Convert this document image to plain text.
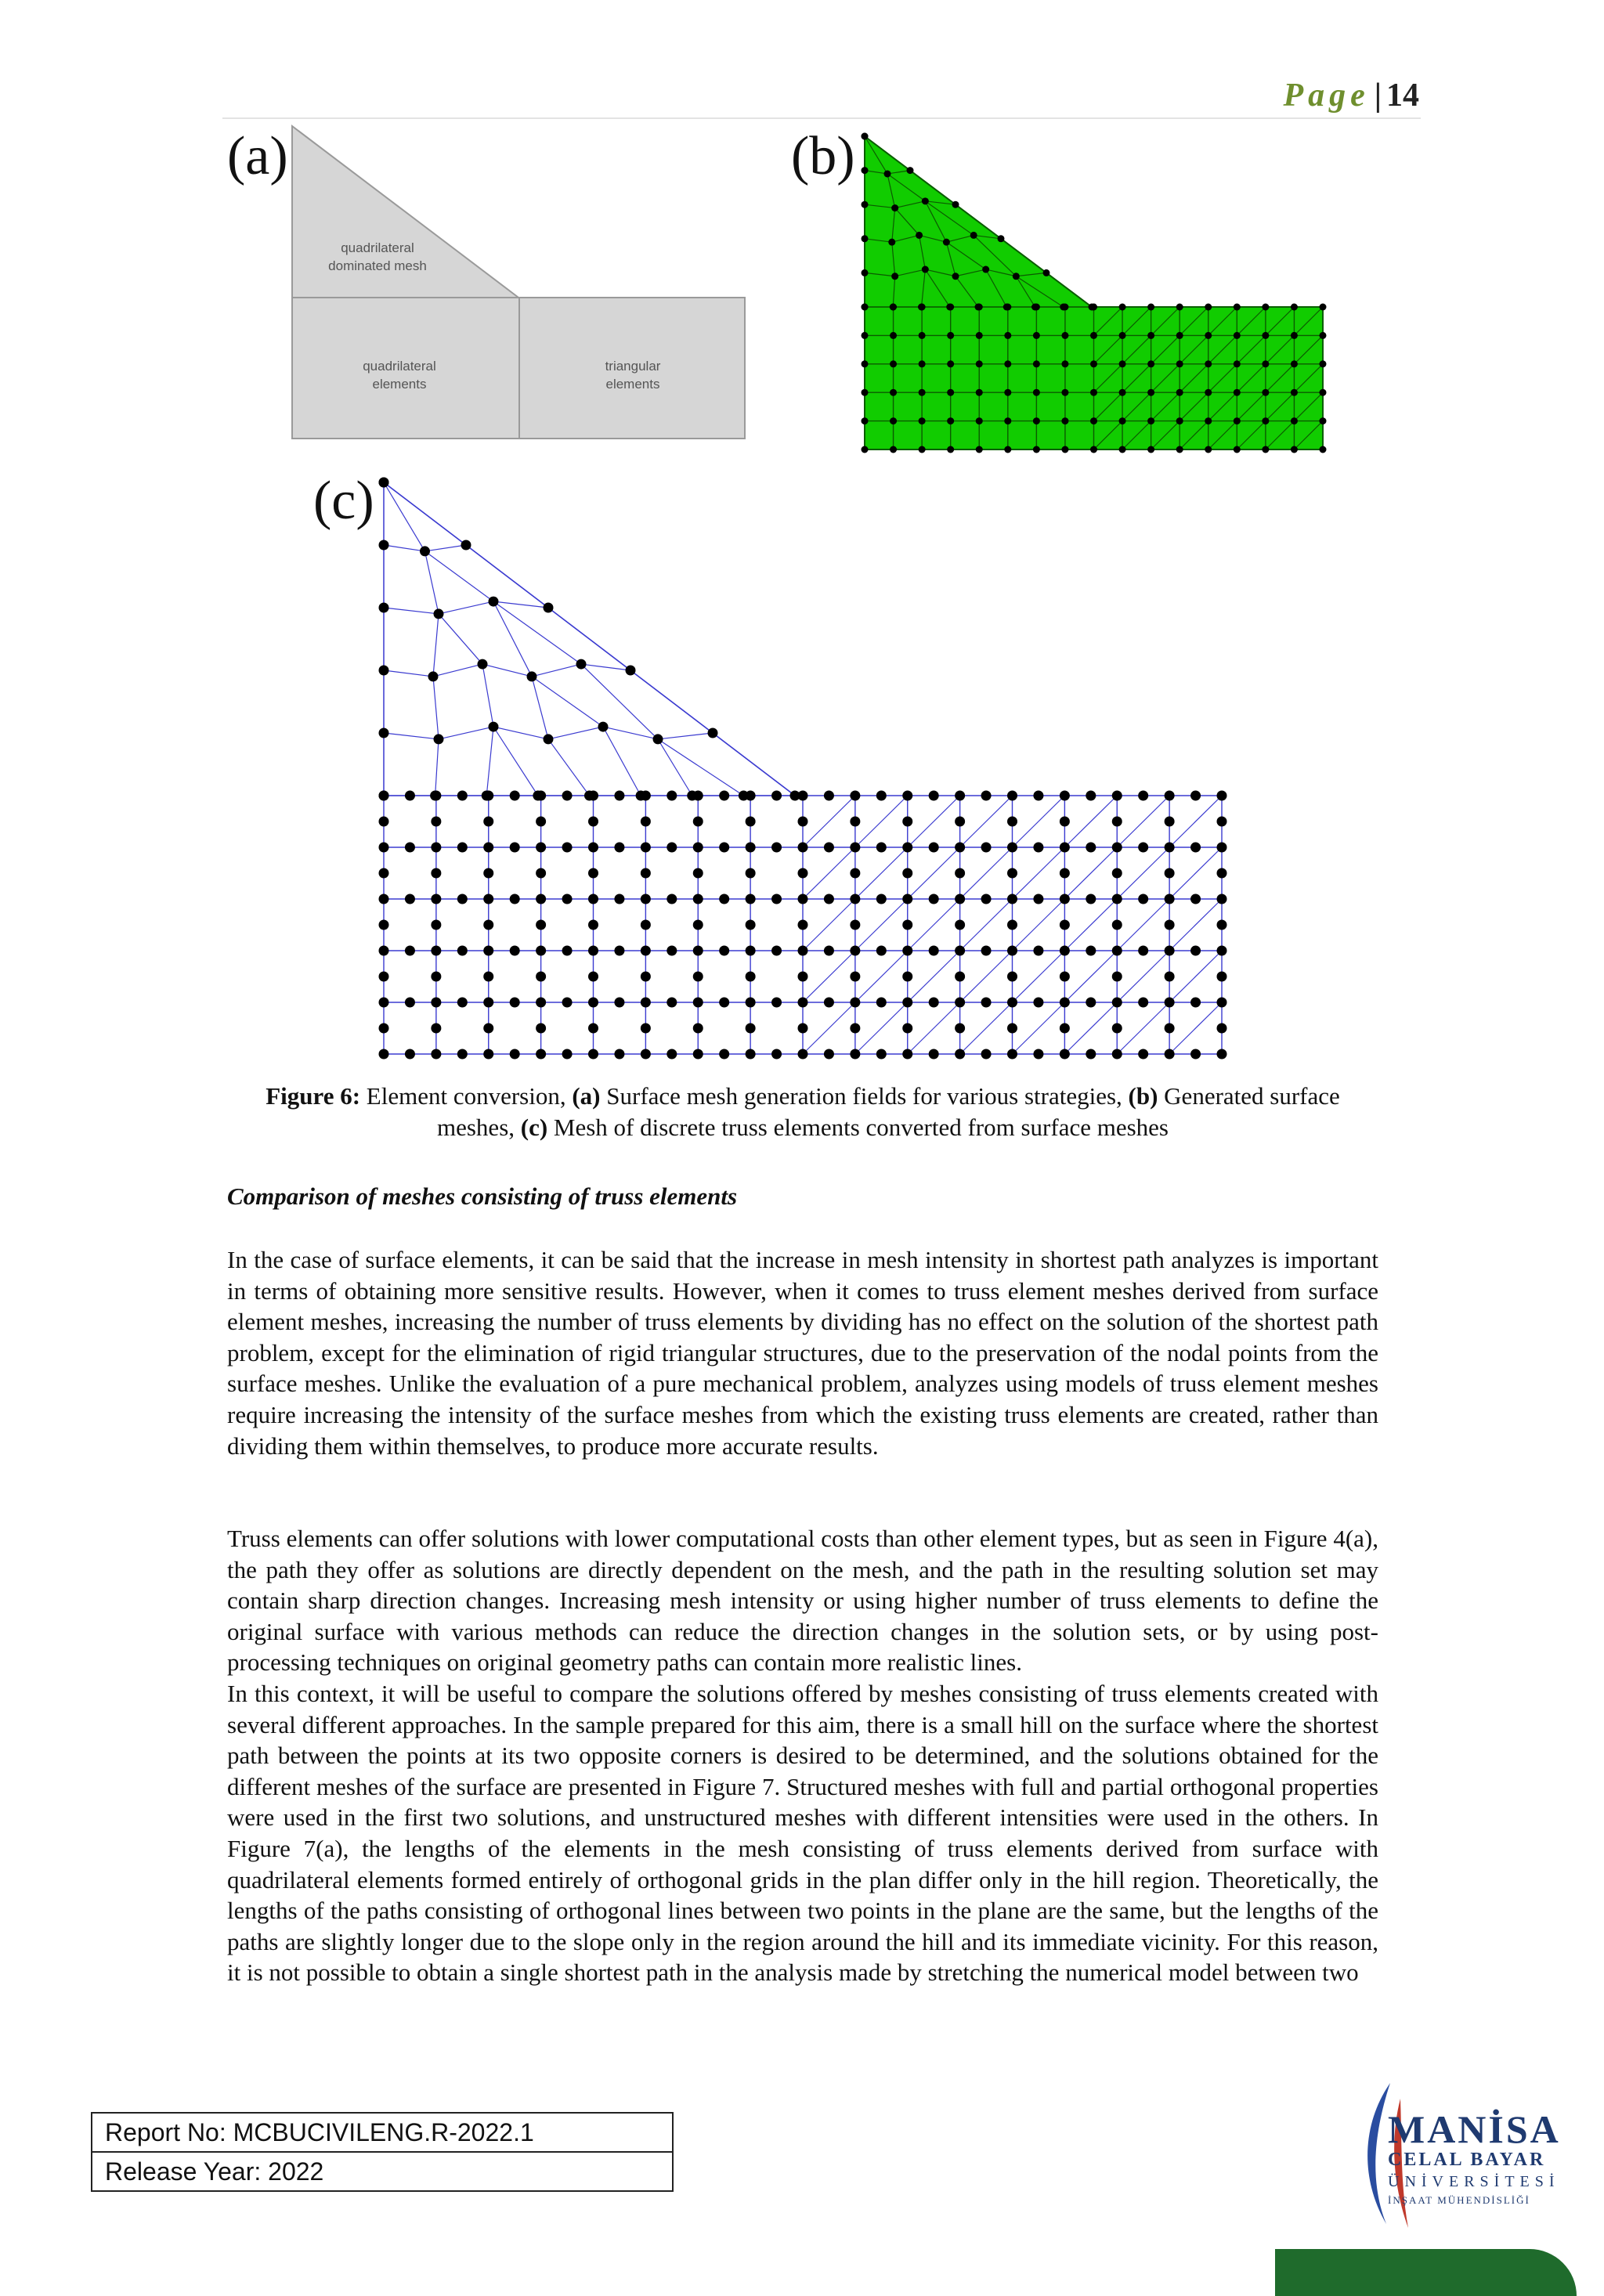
Page | 14
(a)	(b)
(c)
quadrilateral dominated mesh
quadrilateral elements
triangular elements
Figure 6: Element conversion, (a) Surface mesh generation fields for various strategies, (b) Generated surface meshes, (c) Mesh of discrete truss elements converted from surface meshes
Comparison of meshes consisting of truss elements

In the case of surface elements, it can be said that the increase in mesh intensity in shortest path analyzes is important in terms of obtaining more sensitive results. However, when it comes to truss element meshes derived from surface element meshes, increasing the number of truss elements by dividing has no effect on the solution of the shortest path problem, except for the elimination of rigid triangular structures, due to the preservation of the nodal points from the surface meshes. Unlike the evaluation of a pure mechanical problem, analyzes using models of truss element meshes require increasing the intensity of the surface meshes from which the existing truss elements are created, rather than dividing them within themselves, to produce more accurate results.

Truss elements can offer solutions with lower computational costs than other element types, but as seen in Figure 4(a), the path they offer as solutions are directly dependent on the mesh, and the path in the resulting solution set may contain sharp direction changes. Increasing mesh intensity or using higher number of truss elements to define the original surface with various methods can reduce the direction changes in the solution sets, or by using post-processing techniques on original geometry paths can contain more realistic lines.

In this context, it will be useful to compare the solutions offered by meshes consisting of truss elements created with several different approaches. In the sample prepared for this aim, there is a small hill on the surface where the shortest path between the points at its two opposite corners is desired to be determined, and the solutions obtained for the different meshes of the surface are presented in Figure 7. Structured meshes with full and partial orthogonal properties were used in the first two solutions, and unstructured meshes with different intensities were used in the others. In Figure 7(a), the lengths of the elements in the mesh consisting of truss elements derived from surface with quadrilateral elements formed entirely of orthogonal grids in the plan differ only in the hill region. Theoretically, the lengths of the paths consisting of orthogonal lines between two points in the plane are the same, but the lengths of the paths are slightly longer due to the slope only in the region around the hill and its immediate vicinity. For this reason, it is not possible to obtain a single shortest path in the analysis made by stretching the numerical model between two

Report No: MCBUCIVILENG.R-2022.1
Release Year: 2022
MANİSA
CELAL BAYAR
ÜNİVERSİTESİ
İNŞAAT MÜHENDİSLİĞİ
